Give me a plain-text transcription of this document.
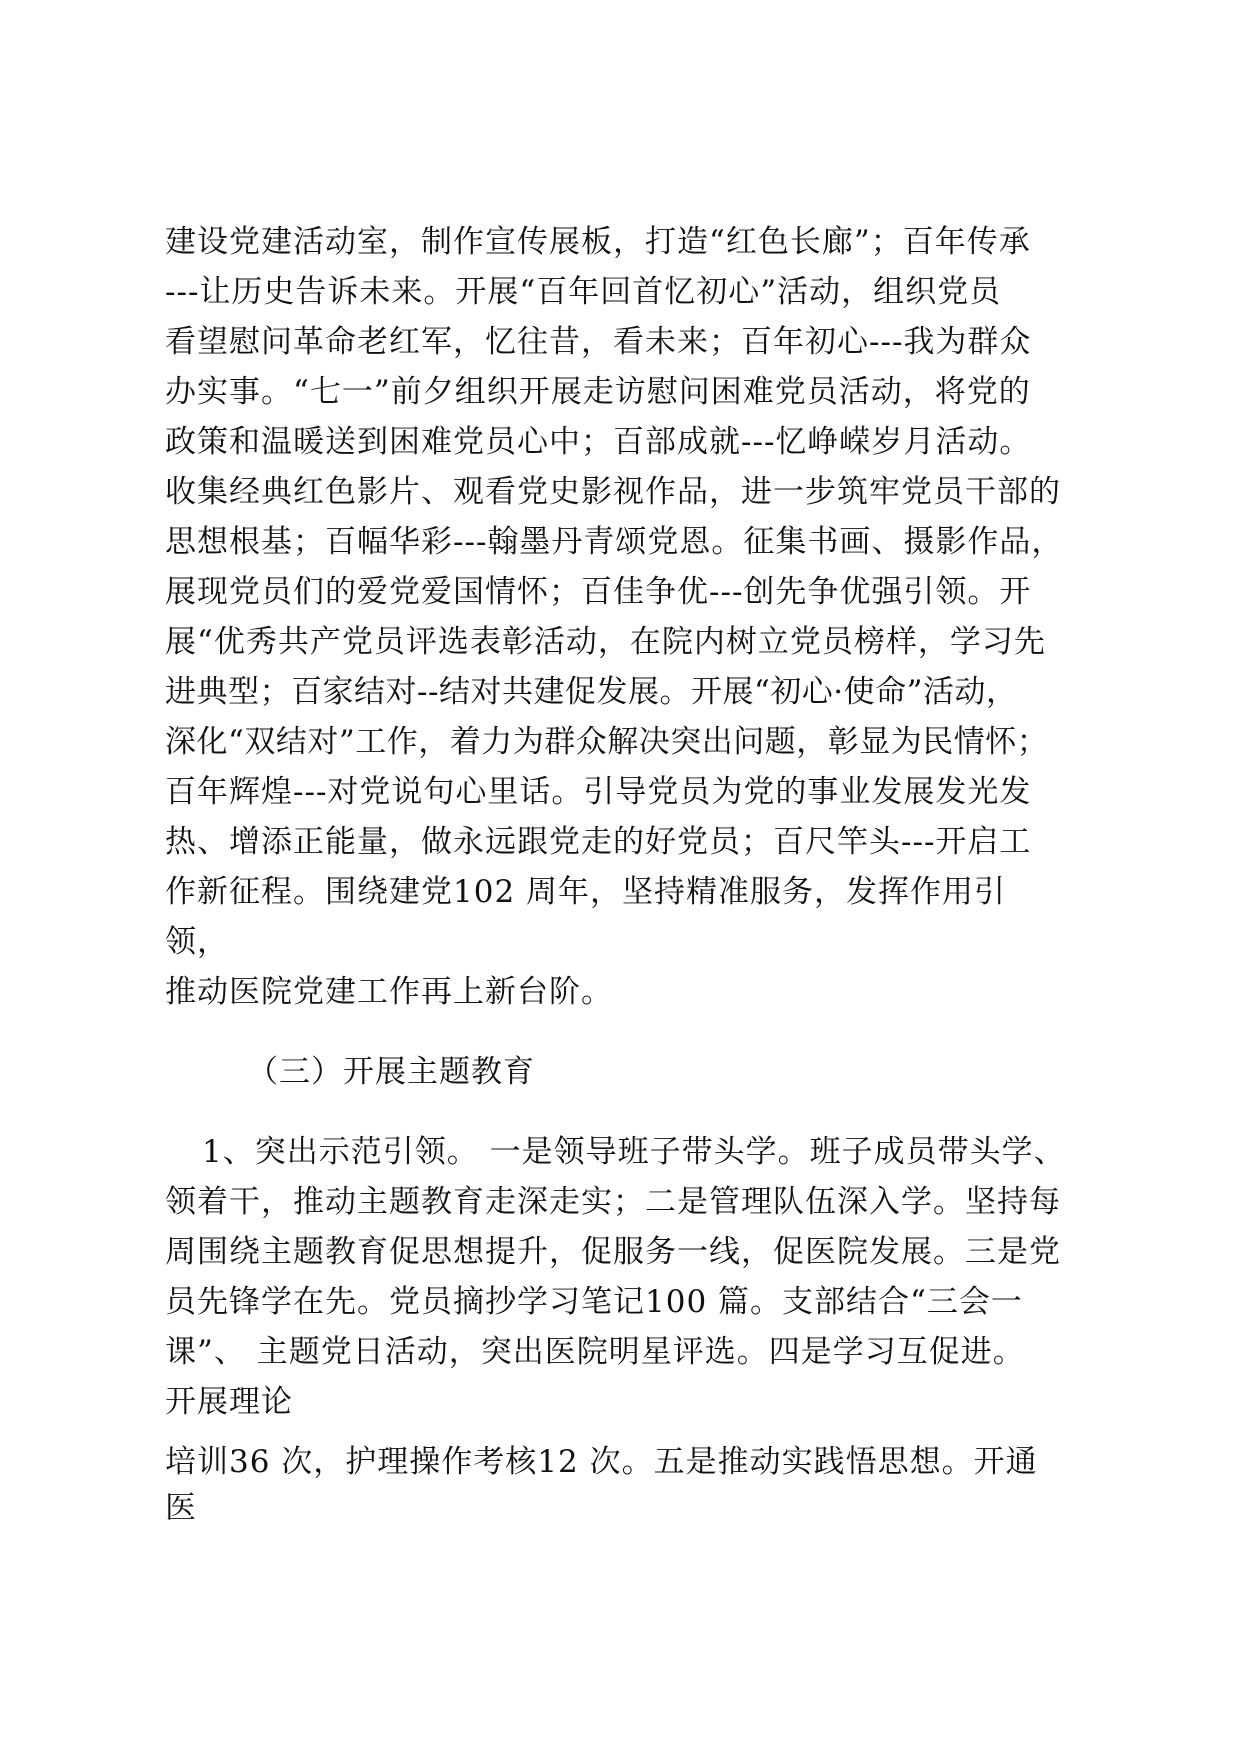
建设党建活动室，制作宣传展板，打造“红色长廊”；百年传承
---让历史告诉未来。开展“百年回首忆初心”活动，组织党员
看望慰问革命老红军，忆往昔，看未来；百年初心---我为群众
办实事。“七一”前夕组织开展走访慰问困难党员活动，将党的
政策和温暖送到困难党员心中；百部成就---忆峥嵘岁月活动。
收集经典红色影片、观看党史影视作品，进一步筑牢党员干部的
思想根基；百幅华彩---翰墨丹青颂党恩。征集书画、摄影作品，
展现党员们的爱党爱国情怀；百佳争优---创先争优强引领。开
展“优秀共产党员评选表彰活动，在院内树立党员榜样，学习先
进典型；百家结对--结对共建促发展。开展“初心·使命”活动，
深化“双结对”工作，着力为群众解决突出问题，彰显为民情怀；
百年辉煌---对党说句心里话。引导党员为党的事业发展发光发
热、增添正能量，做永远跟党走的好党员；百尺竿头---开启工
作新征程。围绕建党102 周年，坚持精准服务，发挥作用引
领，
推动医院党建工作再上新台阶。
（三）开展主题教育
1、突出示范引领。 一是领导班子带头学。班子成员带头学、
领着干，推动主题教育走深走实；二是管理队伍深入学。坚持每
周围绕主题教育促思想提升，促服务一线，促医院发展。三是党
员先锋学在先。党员摘抄学习笔记100 篇。支部结合“三会一
课”、 主题党日活动，突出医院明星评选。四是学习互促进。
开展理论
培训36 次，护理操作考核12 次。五是推动实践悟思想。开通
医
